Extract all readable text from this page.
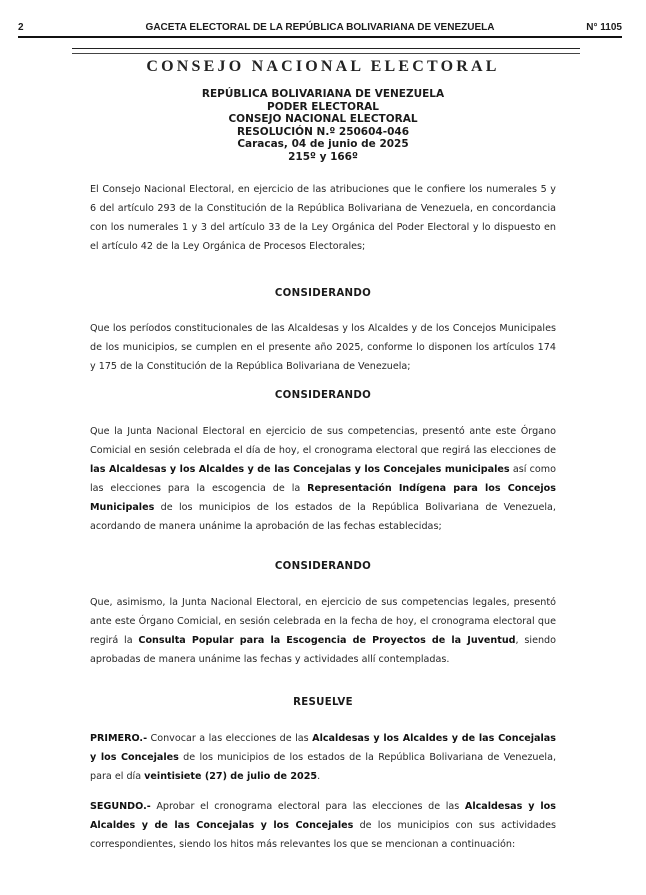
2	GACETA ELECTORAL DE LA REPÚBLICA BOLIVARIANA DE VENEZUELA	N° 1105
CONSEJO NACIONAL ELECTORAL
REPÚBLICA BOLIVARIANA DE VENEZUELA
PODER ELECTORAL
CONSEJO NACIONAL ELECTORAL
RESOLUCIÓN N.º 250604-046
Caracas, 04 de junio de 2025
215º y 166º

El Consejo Nacional Electoral, en ejercicio de las atribuciones que le confiere los numerales 5 y 6 del artículo 293 de la Constitución de la República Bolivariana de Venezuela, en concordancia con los numerales 1 y 3 del artículo 33 de la Ley Orgánica del Poder Electoral y lo dispuesto en el artículo 42 de la Ley Orgánica de Procesos Electorales;

CONSIDERANDO

Que los períodos constitucionales de las Alcaldesas y los Alcaldes y de los Concejos Municipales de los municipios, se cumplen en el presente año 2025, conforme lo disponen los artículos 174 y 175 de la Constitución de la República Bolivariana de Venezuela;

CONSIDERANDO

Que la Junta Nacional Electoral en ejercicio de sus competencias, presentó ante este Órgano Comicial en sesión celebrada el día de hoy, el cronograma electoral que regirá las elecciones de las Alcaldesas y los Alcaldes y de las Concejalas y los Concejales municipales así como las elecciones para la escogencia de la Representación Indígena para los Concejos Municipales de los municipios de los estados de la República Bolivariana de Venezuela, acordando de manera unánime la aprobación de las fechas establecidas;

CONSIDERANDO

Que, asimismo, la Junta Nacional Electoral, en ejercicio de sus competencias legales, presentó ante este Órgano Comicial, en sesión celebrada en la fecha de hoy, el cronograma electoral que regirá la Consulta Popular para la Escogencia de Proyectos de la Juventud, siendo aprobadas de manera unánime las fechas y actividades allí contempladas.

RESUELVE

PRIMERO.- Convocar a las elecciones de las Alcaldesas y los Alcaldes y de las Concejalas y los Concejales de los municipios de los estados de la República Bolivariana de Venezuela, para el día veintisiete (27) de julio de 2025.

SEGUNDO.- Aprobar el cronograma electoral para las elecciones de las Alcaldesas y los Alcaldes y de las Concejalas y los Concejales de los municipios con sus actividades correspondientes, siendo los hitos más relevantes los que se mencionan a continuación:
